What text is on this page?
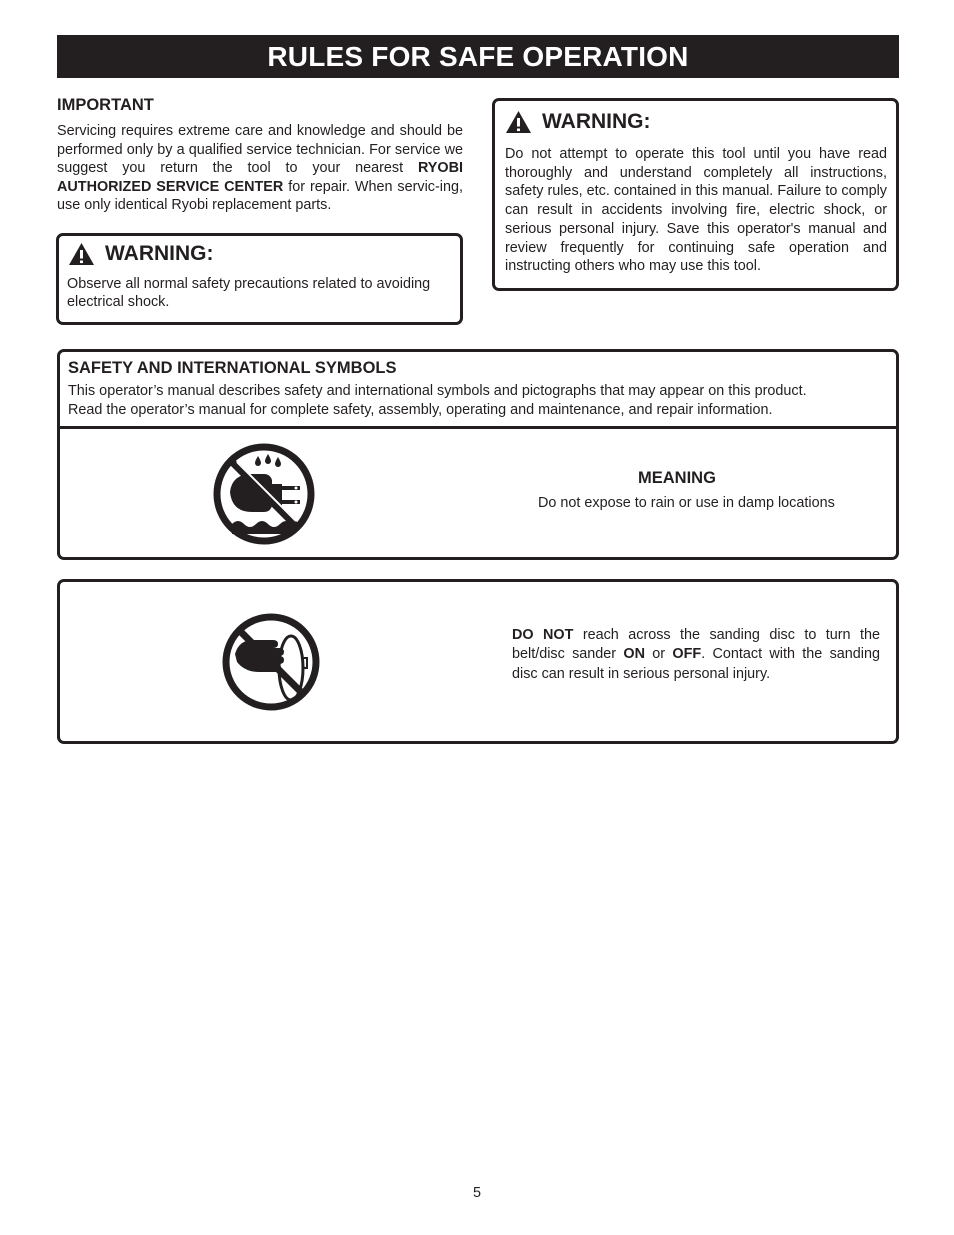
RULES FOR SAFE OPERATION
IMPORTANT
Servicing requires extreme care and knowledge and should be performed only by a qualified service technician. For service we suggest you return the tool to your nearest RYOBI AUTHORIZED SERVICE CENTER for repair. When servic-ing, use only identical Ryobi replacement parts.
WARNING:
Observe all normal safety precautions related to avoiding electrical shock.
WARNING:
Do not attempt to operate this tool until you have read thoroughly and understand completely all instructions, safety rules, etc. contained in this manual. Failure to comply can result in accidents involving fire, electric shock, or serious personal injury. Save this operator's manual and review frequently for continuing safe operation and instructing others who may use this tool.
SAFETY AND INTERNATIONAL SYMBOLS
This operator’s manual describes safety and international symbols and pictographs that may appear on this product.
Read the operator’s manual for complete safety, assembly, operating and maintenance, and repair information.
MEANING
Do not expose to rain or use in damp locations
DO NOT reach across the sanding disc to turn the belt/disc sander ON or OFF. Contact with the sanding disc can result in serious personal injury.
5
